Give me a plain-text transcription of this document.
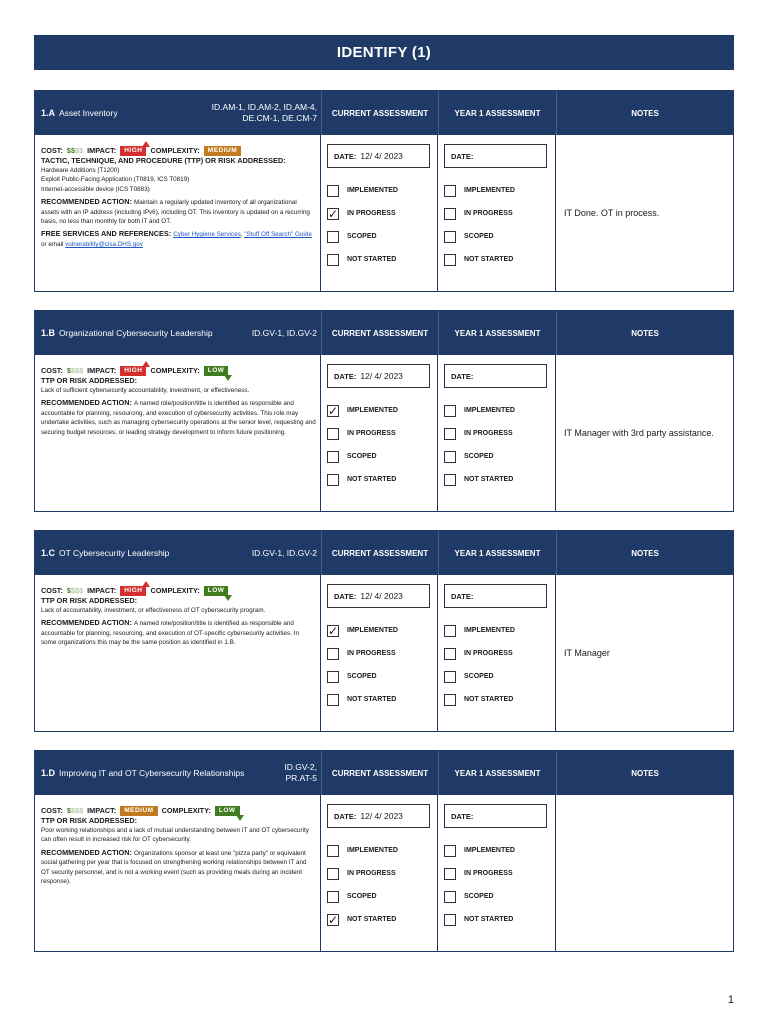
IDENTIFY (1)
1.A Asset Inventory
ID.AM-1, ID.AM-2, ID.AM-4, DE.CM-1, DE.CM-7	CURRENT ASSESSMENT	YEAR 1 ASSESSMENT	NOTES
COST: $$$$ IMPACT:	HIGH	COMPLEXITY:	MEDIUM
TACTIC, TECHNIQUE, AND PROCEDURE (TTP) OR RISK ADDRESSED:
Hardware Additions (T1200)
Exploit Public-Facing Application (T0819, ICS T0819)
Internet-accessible device (ICS T0883)
RECOMMENDED ACTION: Maintain a regularly updated inventory of all organizational assets with an IP address (including IPv6), including OT. This inventory is updated on a recurring basis, no less than monthly for both IT and OT.
FREE SERVICES AND REFERENCES: Cyber Hygiene Services, "Stuff Off Search" Guide or email vulnerability@cisa.DHS.gov
DATE: 12/ 4/ 2023
IMPLEMENTED
✓ IN PROGRESS
SCOPED
NOT STARTED
DATE:
IMPLEMENTED
IN PROGRESS
SCOPED
NOT STARTED
IT Done. OT in process.
1.B Organizational Cybersecurity Leadership	ID.GV-1, ID.GV-2	CURRENT ASSESSMENT	YEAR 1 ASSESSMENT	NOTES
COST: $$$$ IMPACT:	HIGH	COMPLEXITY:	LOW
TTP OR RISK ADDRESSED:
Lack of sufficient cybersecurity accountability, investment, or effectiveness.
RECOMMENDED ACTION: A named role/position/title is identified as responsible and accountable for planning, resourcing, and execution of cybersecurity activities. This role may undertake activities, such as managing cybersecurity operations at the senior level, requesting and securing budget resources, or leading strategy development to inform future positioning.
DATE: 12/ 4/ 2023
✓ IMPLEMENTED
IN PROGRESS
SCOPED
NOT STARTED
DATE:
IMPLEMENTED
IN PROGRESS
SCOPED
NOT STARTED
IT Manager with 3rd party assistance.
1.C OT Cybersecurity Leadership	ID.GV-1, ID.GV-2	CURRENT ASSESSMENT	YEAR 1 ASSESSMENT	NOTES
COST: $$$$ IMPACT:	HIGH	COMPLEXITY:	LOW
TTP OR RISK ADDRESSED:
Lack of accountability, investment, or effectiveness of OT cybersecurity program.
RECOMMENDED ACTION: A named role/position/title is identified as responsible and accountable for planning, resourcing, and execution of OT-specific cybersecurity activities. In some organizations this may be the same position as identified in 1.B.
DATE: 12/ 4/ 2023
✓ IMPLEMENTED
IN PROGRESS
SCOPED
NOT STARTED
DATE:
IMPLEMENTED
IN PROGRESS
SCOPED
NOT STARTED
IT Manager
1.D Improving IT and OT Cybersecurity Relationships
ID.GV-2, PR.AT-5	CURRENT ASSESSMENT	YEAR 1 ASSESSMENT	NOTES
COST: $$$$ IMPACT:	MEDIUM	COMPLEXITY:	LOW
TTP OR RISK ADDRESSED:
Poor working relationships and a lack of mutual understanding between IT and OT cybersecurity can often result in increased risk for OT cybersecurity.
RECOMMENDED ACTION: Organizations sponsor at least one "pizza party" or equivalent social gathering per year that is focused on strengthening working relationships between IT and OT security personnel, and is not a working event (such as providing meals during an incident response).
DATE: 12/ 4/ 2023
IMPLEMENTED
IN PROGRESS
SCOPED
✓ NOT STARTED
DATE:
IMPLEMENTED
IN PROGRESS
SCOPED
NOT STARTED
1
